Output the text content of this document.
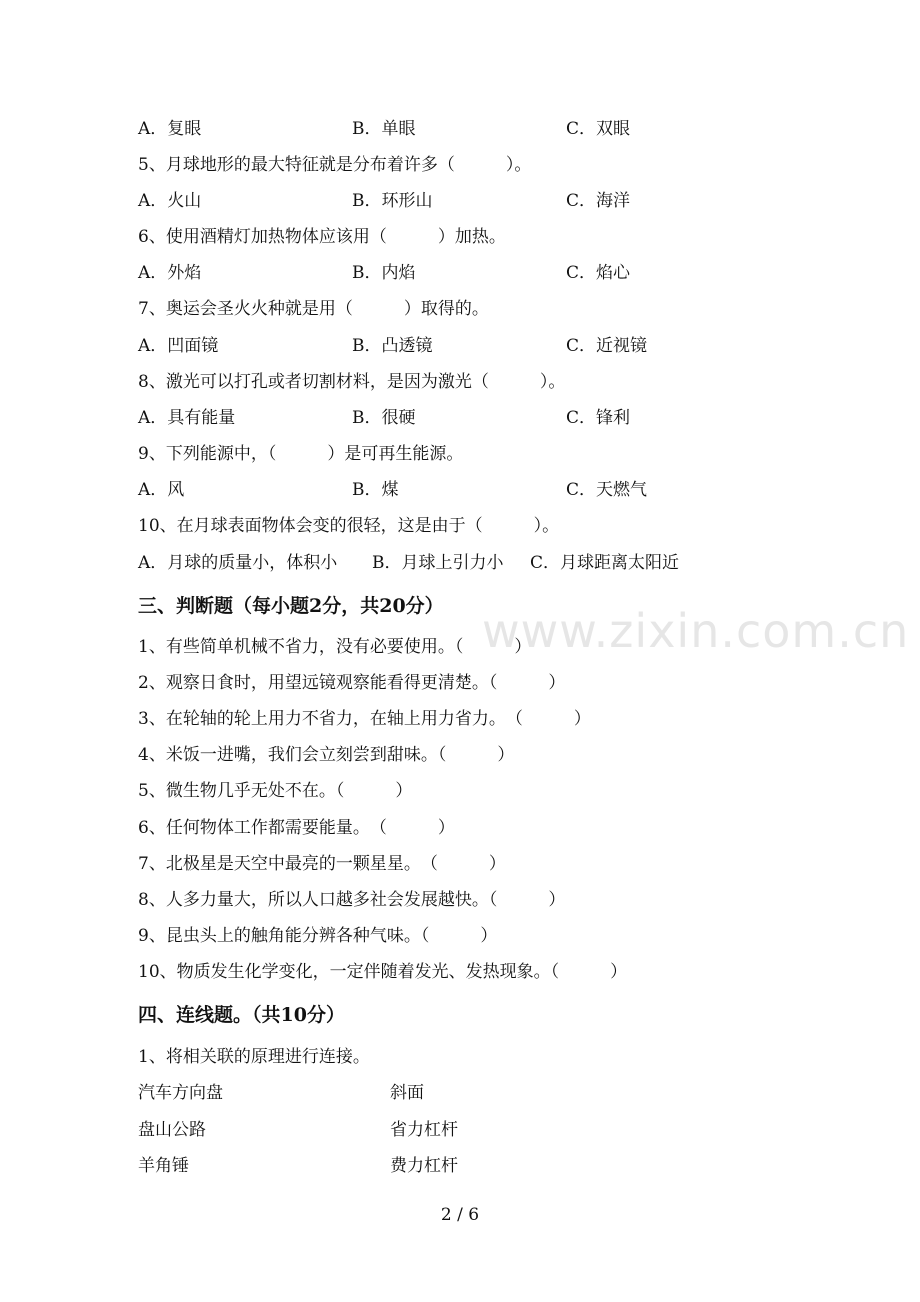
www.zixin.com.cn
A．复眼	B．单眼	C．双眼
5、月球地形的最大特征就是分布着许多（　　　）。
A．火山	B．环形山	C．海洋
6、使用酒精灯加热物体应该用（　　　）加热。
A．外焰	B．内焰	C．焰心
7、奥运会圣火火种就是用（　　　）取得的。
A．凹面镜	B．凸透镜	C．近视镜
8、激光可以打孔或者切割材料，是因为激光（　　　）。
A．具有能量	B．很硬	C．锋利
9、下列能源中，（　　　）是可再生能源。
A．风	B．煤	C．天燃气
10、在月球表面物体会变的很轻，这是由于（　　　）。
A．月球的质量小，体积小 B．月球上引力小 C．月球距离太阳近
三、判断题（每小题2分，共20分）
1、有些简单机械不省力，没有必要使用。（　　　）
2、观察日食时，用望远镜观察能看得更清楚。（　　　）
3、在轮轴的轮上用力不省力，在轴上用力省力。　（　　　）
4、米饭一进嘴，我们会立刻尝到甜味。（　　　）
5、微生物几乎无处不在。（　　　）
6、任何物体工作都需要能量。　（　　　）
7、北极星是天空中最亮的一颗星星。　（　　　）
8、人多力量大，所以人口越多社会发展越快。（　　　）
9、昆虫头上的触角能分辨各种气味。（　　　）
10、物质发生化学变化，一定伴随着发光、发热现象。（　　　）
四、连线题。（共10分）
1、将相关联的原理进行连接。
汽车方向盘	斜面
盘山公路	省力杠杆
羊角锤	费力杠杆
2 / 6
